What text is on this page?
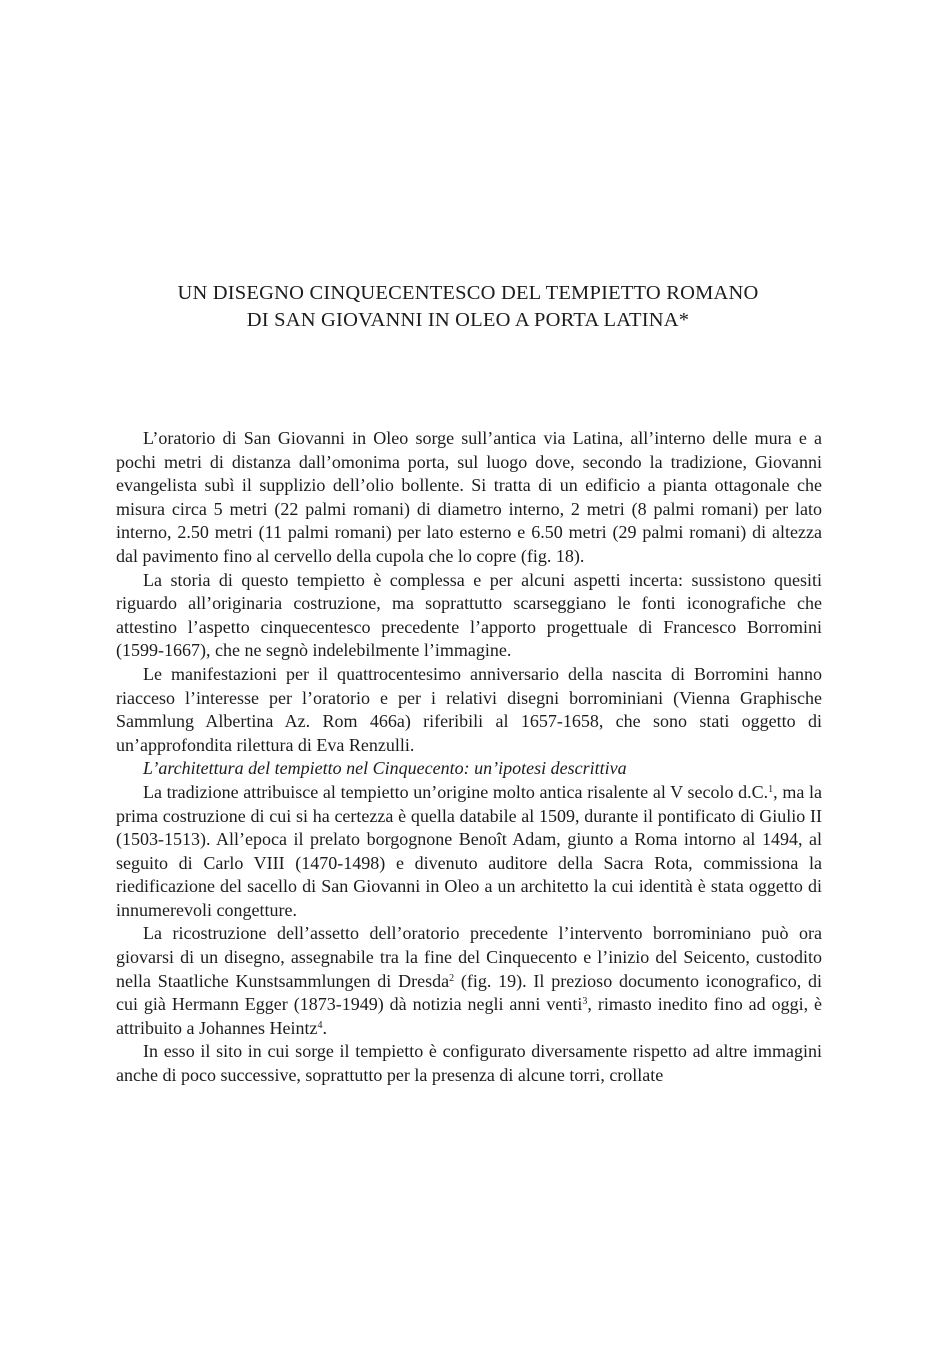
UN DISEGNO CINQUECENTESCO DEL TEMPIETTO ROMANO
DI SAN GIOVANNI IN OLEO A PORTA LATINA*

L’oratorio di San Giovanni in Oleo sorge sull’antica via Latina, all’interno delle mura e a pochi metri di distanza dall’omonima porta, sul luogo dove, secondo la tradizione, Giovanni evangelista subì il supplizio dell’olio bollente. Si tratta di un edificio a pianta ottagonale che misura circa 5 metri (22 palmi romani) di diametro interno, 2 metri (8 palmi romani) per lato interno, 2.50 metri (11 palmi romani) per lato esterno e 6.50 metri (29 palmi romani) di altezza dal pavimento fino al cervello della cupola che lo copre (fig. 18).

La storia di questo tempietto è complessa e per alcuni aspetti incerta: sussistono quesiti riguardo all’originaria costruzione, ma soprattutto scarseggiano le fonti iconografiche che attestino l’aspetto cinquecentesco precedente l’apporto progettuale di Francesco Borromini (1599-1667), che ne segnò indelebilmente l’immagine.

Le manifestazioni per il quattrocentesimo anniversario della nascita di Borromini hanno riacceso l’interesse per l’oratorio e per i relativi disegni borrominiani (Vienna Graphische Sammlung Albertina Az. Rom 466a) riferibili al 1657-1658, che sono stati oggetto di un’approfondita rilettura di Eva Renzulli.

L’architettura del tempietto nel Cinquecento: un’ipotesi descrittiva

La tradizione attribuisce al tempietto un’origine molto antica risalente al V secolo d.C.$^1$, ma la prima costruzione di cui si ha certezza è quella databile al 1509, durante il pontificato di Giulio II (1503-1513). All’epoca il prelato borgognone Benoît Adam, giunto a Roma intorno al 1494, al seguito di Carlo VIII (1470-1498) e divenuto auditore della Sacra Rota, commissiona la riedificazione del sacello di San Giovanni in Oleo a un architetto la cui identità è stata oggetto di innumerevoli congetture.

La ricostruzione dell’assetto dell’oratorio precedente l’intervento borrominiano può ora giovarsi di un disegno, assegnabile tra la fine del Cinquecento e l’inizio del Seicento, custodito nella Staatliche Kunstsammlungen di Dresda$^2$ (fig. 19). Il prezioso documento iconografico, di cui già Hermann Egger (1873-1949) dà notizia negli anni venti$^3$, rimasto inedito fino ad oggi, è attribuito a Johannes Heintz$^4$.

In esso il sito in cui sorge il tempietto è configurato diversamente rispetto ad altre immagini anche di poco successive, soprattutto per la presenza di alcune torri, crollate
